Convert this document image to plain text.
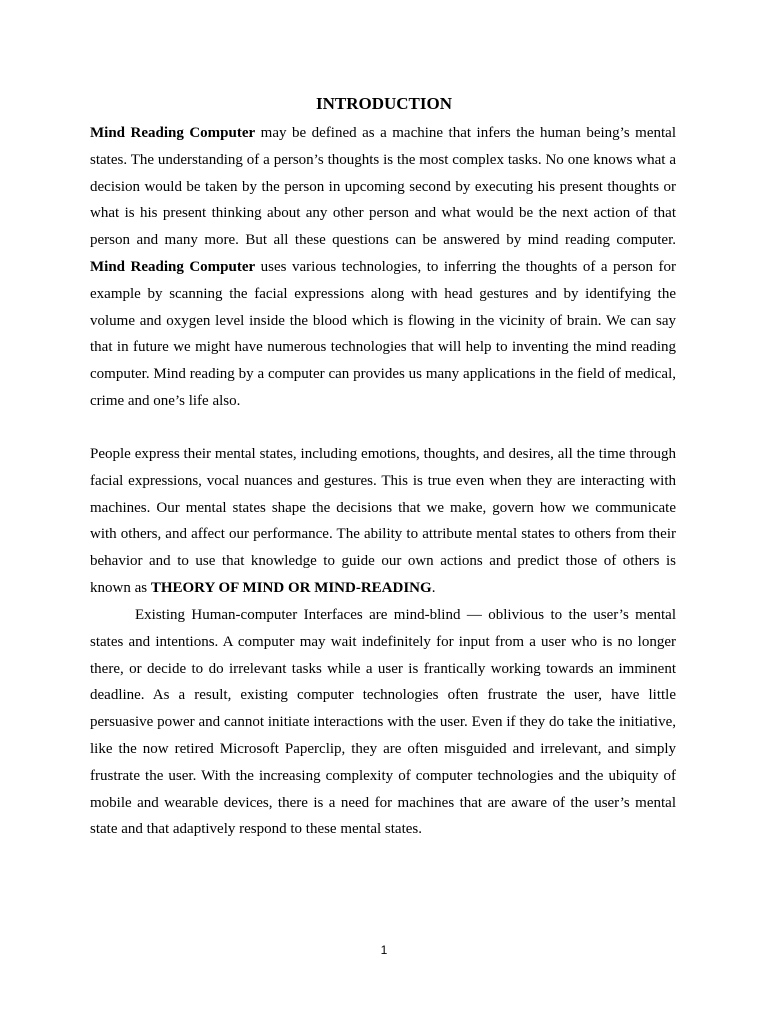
INTRODUCTION

Mind Reading Computer may be defined as a machine that infers the human being’s mental states. The understanding of a person’s thoughts is the most complex tasks. No one knows what a decision would be taken by the person in upcoming second by executing his present thoughts or what is his present thinking about any other person and what would be the next action of that person and many more. But all these questions can be answered by mind reading computer. Mind Reading Computer uses various technologies, to inferring the thoughts of a person for example by scanning the facial expressions along with head gestures and by identifying the volume and oxygen level inside the blood which is flowing in the vicinity of brain. We can say that in future we might have numerous technologies that will help to inventing the mind reading computer. Mind reading by a computer can provides us many applications in the field of medical, crime and one’s life also.

People express their mental states, including emotions, thoughts, and desires, all the time through facial expressions, vocal nuances and gestures. This is true even when they are interacting with machines. Our mental states shape the decisions that we make, govern how we communicate with others, and affect our performance. The ability to attribute mental states to others from their behavior and to use that knowledge to guide our own actions and predict those of others is known as THEORY OF MIND OR MIND-READING.

Existing Human-computer Interfaces are mind-blind — oblivious to the user’s mental states and intentions. A computer may wait indefinitely for input from a user who is no longer there, or decide to do irrelevant tasks while a user is frantically working towards an imminent deadline. As a result, existing computer technologies often frustrate the user, have little persuasive power and cannot initiate interactions with the user. Even if they do take the initiative, like the now retired Microsoft Paperclip, they are often misguided and irrelevant, and simply frustrate the user. With the increasing complexity of computer technologies and the ubiquity of mobile and wearable devices, there is a need for machines that are aware of the user’s mental state and that adaptively respond to these mental states.

1
